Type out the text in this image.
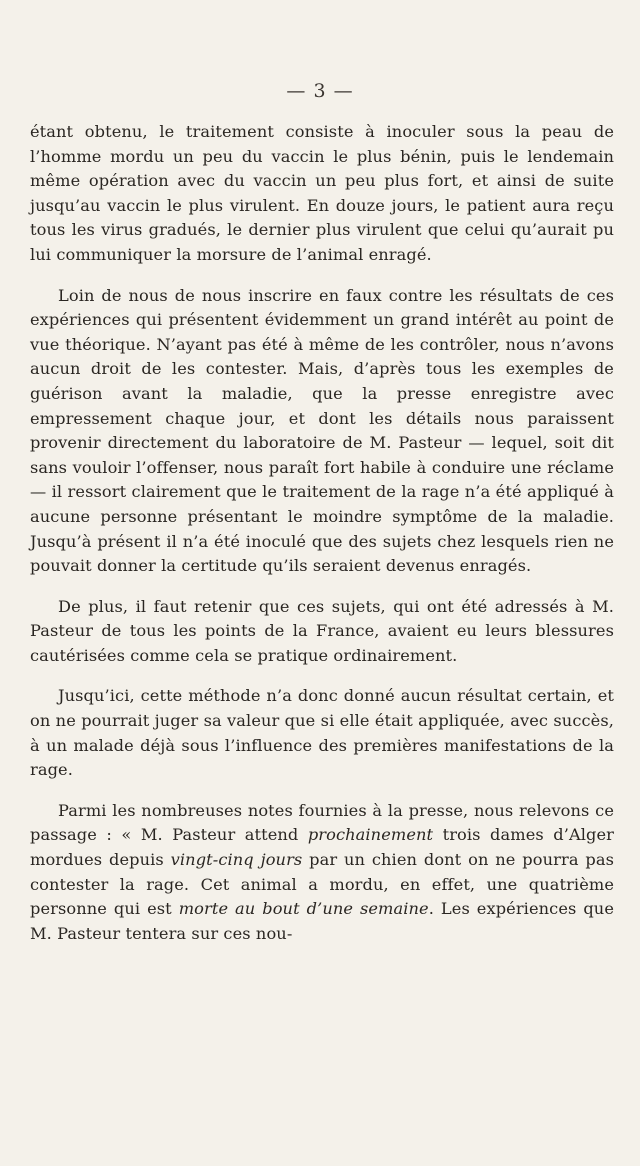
— 3 —

étant obtenu, le traitement consiste à inoculer sous la peau de l’homme mordu un peu du vaccin le plus bénin, puis le lendemain même opération avec du vaccin un peu plus fort, et ainsi de suite jusqu’au vaccin le plus virulent. En douze jours, le patient aura reçu tous les virus gradués, le dernier plus virulent que celui qu’aurait pu lui communiquer la morsure de l’animal enragé.

Loin de nous de nous inscrire en faux contre les résultats de ces expériences qui présentent évidemment un grand intérêt au point de vue théorique. N’ayant pas été à même de les contrôler, nous n’avons aucun droit de les contester. Mais, d’après tous les exemples de guérison avant la maladie, que la presse enregistre avec empressement chaque jour, et dont les détails nous paraissent provenir directement du laboratoire de M. Pasteur — lequel, soit dit sans vouloir l’offenser, nous paraît fort habile à conduire une réclame — il ressort clairement que le traitement de la rage n’a été appliqué à aucune personne présentant le moindre symptôme de la maladie. Jusqu’à présent il n’a été inoculé que des sujets chez lesquels rien ne pouvait donner la certitude qu’ils seraient devenus enragés.

De plus, il faut retenir que ces sujets, qui ont été adressés à M. Pasteur de tous les points de la France, avaient eu leurs blessures cautérisées comme cela se pratique ordinairement.

Jusqu’ici, cette méthode n’a donc donné aucun résultat certain, et on ne pourrait juger sa valeur que si elle était appliquée, avec succès, à un malade déjà sous l’influence des premières manifestations de la rage.

Parmi les nombreuses notes fournies à la presse, nous relevons ce passage : « M. Pasteur attend prochainement trois dames d’Alger mordues depuis vingt-cinq jours par un chien dont on ne pourra pas contester la rage. Cet animal a mordu, en effet, une quatrième personne qui est morte au bout d’une semaine. Les expériences que M. Pasteur tentera sur ces nou-
